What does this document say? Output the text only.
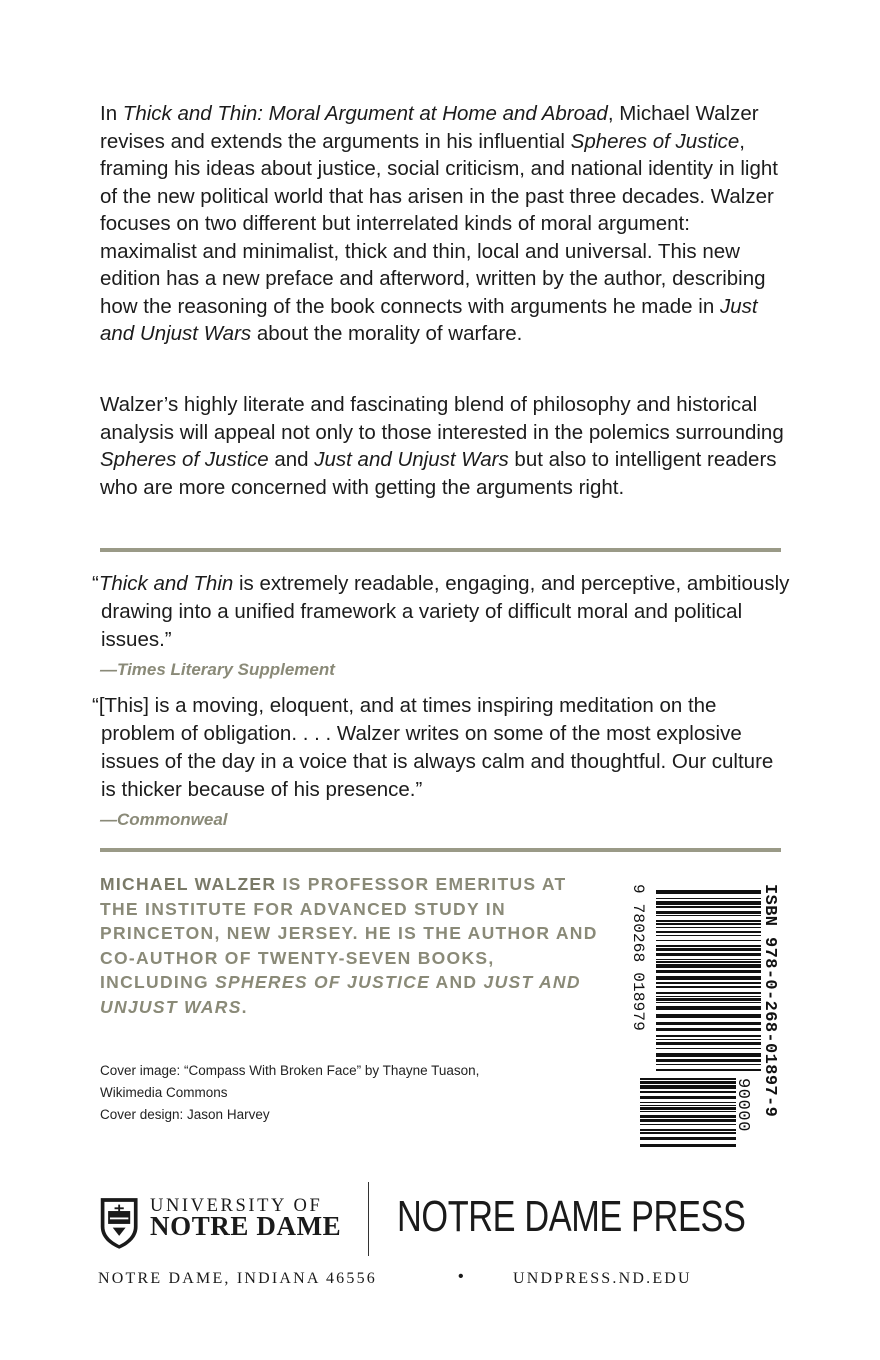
In Thick and Thin: Moral Argument at Home and Abroad, Michael Walzer revises and extends the arguments in his influential Spheres of Justice, framing his ideas about justice, social criticism, and national identity in light of the new political world that has arisen in the past three decades. Walzer focuses on two different but interrelated kinds of moral argument: maximalist and minimalist, thick and thin, local and universal. This new edition has a new preface and afterword, written by the author, describing how the reasoning of the book connects with arguments he made in Just and Unjust Wars about the morality of warfare.

Walzer’s highly literate and fascinating blend of philosophy and historical analysis will appeal not only to those interested in the polemics surrounding Spheres of Justice and Just and Unjust Wars but also to intelligent readers who are more concerned with getting the arguments right.

“Thick and Thin is extremely readable, engaging, and perceptive, ambitiously drawing into a unified framework a variety of difficult moral and political issues.”

—Times Literary Supplement

“[This] is a moving, eloquent, and at times inspiring meditation on the problem of obligation. . . . Walzer writes on some of the most explosive issues of the day in a voice that is always calm and thoughtful. Our culture is thicker because of his presence.”

—Commonweal
MICHAEL WALZER IS PROFESSOR EMERITUS AT THE INSTITUTE FOR ADVANCED STUDY IN PRINCETON, NEW JERSEY. HE IS THE AUTHOR AND CO-AUTHOR OF TWENTY-SEVEN BOOKS, INCLUDING SPHERES OF JUSTICE AND JUST AND UNJUST WARS.
Cover image: “Compass With Broken Face” by Thayne Tuason,
Wikimedia Commons
Cover design: Jason Harvey	ISBN 978-0-268-01897-9
9 780268 018979
90000
UNIVERSITY OF
NOTRE DAME NOTRE DAME PRESS
NOTRE DAME, INDIANA 46556	•	UNDPRESS.ND.EDU
